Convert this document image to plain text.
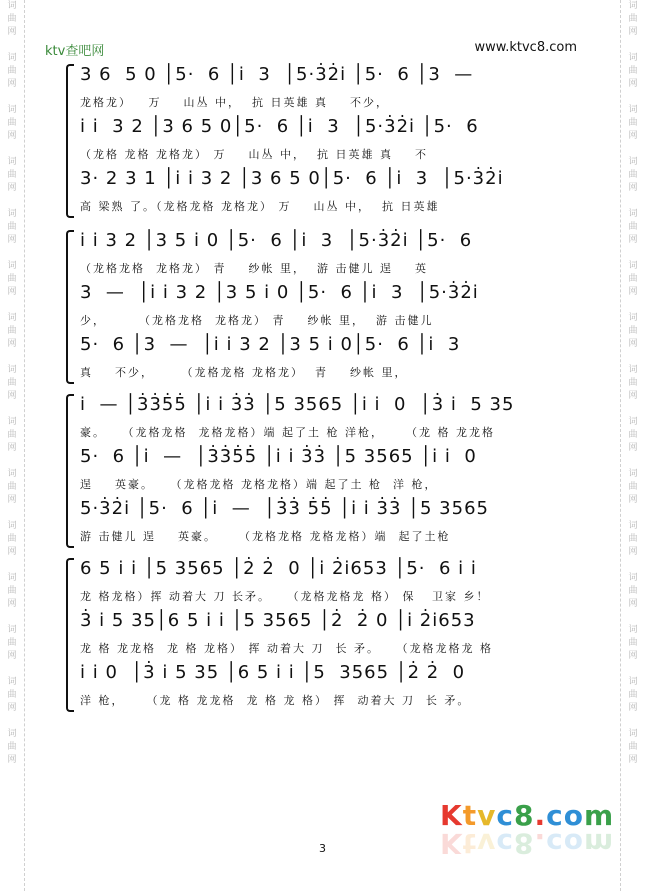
词
曲
网

词
曲
网

词
曲
网

词
曲
网

词
曲
网

词
曲
网

词
曲
网

词
曲
网

词
曲
网

词
曲
网

词
曲
网

词
曲
网

词
曲
网

词
曲
网

词
曲
网
词
曲
网

词
曲
网

词
曲
网

词
曲
网

词
曲
网

词
曲
网

词
曲
网

词
曲
网

词
曲
网

词
曲
网

词
曲
网

词
曲
网

词
曲
网

词
曲
网

词
曲
网
ktv查吧网	www.ktvc8.com
3 6  5 0 │5·  6 │i  3  │5·3̇2̇i │5·  6 │3  —
龙格龙）   万    山丛 中，  抗 日英雄 真    不少，
i i  3 2 │3 6 5 0│5·  6 │i  3  │5·3̇2̇i │5·  6
（龙格 龙格 龙格龙） 万    山丛 中，  抗 日英雄 真    不
3· 2 3 1 │i i 3 2 │3 6 5 0│5·  6 │i  3  │5·3̇2̇i
高 梁熟 了。（龙格龙格 龙格龙） 万    山丛 中，  抗 日英雄
i i 3 2 │3 5 i 0 │5·  6 │i  3  │5·3̇2̇i │5·  6
（龙格龙格  龙格龙） 青    纱帐 里，  游 击健儿 逞    英
3  —  │i i 3 2 │3 5 i 0 │5·  6 │i  3  │5·3̇2̇i
少，      （龙格龙格  龙格龙） 青    纱帐 里，  游 击健儿
5·  6 │3  —  │i i 3 2 │3 5 i 0│5·  6 │i  3
真    不少，     （龙格龙格 龙格龙）  青    纱帐 里，
i  — │3̇3̇5̇5̇ │i i 3̇3̇ │5 3565 │i i  0  │3̇ i  5 35
豪。   （龙格龙格  龙格龙格）端 起了土 枪 洋枪，    （龙 格 龙龙格
5·  6 │i  —  │3̇3̇5̇5̇ │i i 3̇3̇ │5 3565 │i i  0
逞    英豪。   （龙格龙格 龙格龙格）端 起了土 枪  洋 枪，
5·3̇2̇i │5·  6 │i  —  │3̇3̇ 5̇5̇ │i i 3̇3̇ │5 3565
游 击健儿 逞    英豪。    （龙格龙格 龙格龙格）端  起了土枪
6 5 i i │5 3565 │2̇ 2̇  0 │i 2̇i653 │5·  6 i i
龙 格龙格）挥 动着大 刀 长矛。   （龙格龙格龙 格） 保   卫家 乡！
3̇ i 5 35│6 5 i i │5 3565 │2̇  2̇ 0 │i 2̇i653
龙 格 龙龙格  龙 格 龙格） 挥 动着大 刀  长 矛。   （龙格龙格龙 格
i i 0  │3̇ i 5 35 │6 5 i i │5  3565 │2̇ 2̇  0
洋 枪，    （龙 格 龙龙格  龙 格 龙 格） 挥  动着大 刀  长 矛。
Ktvc8.com
Ktvc8.com
3
